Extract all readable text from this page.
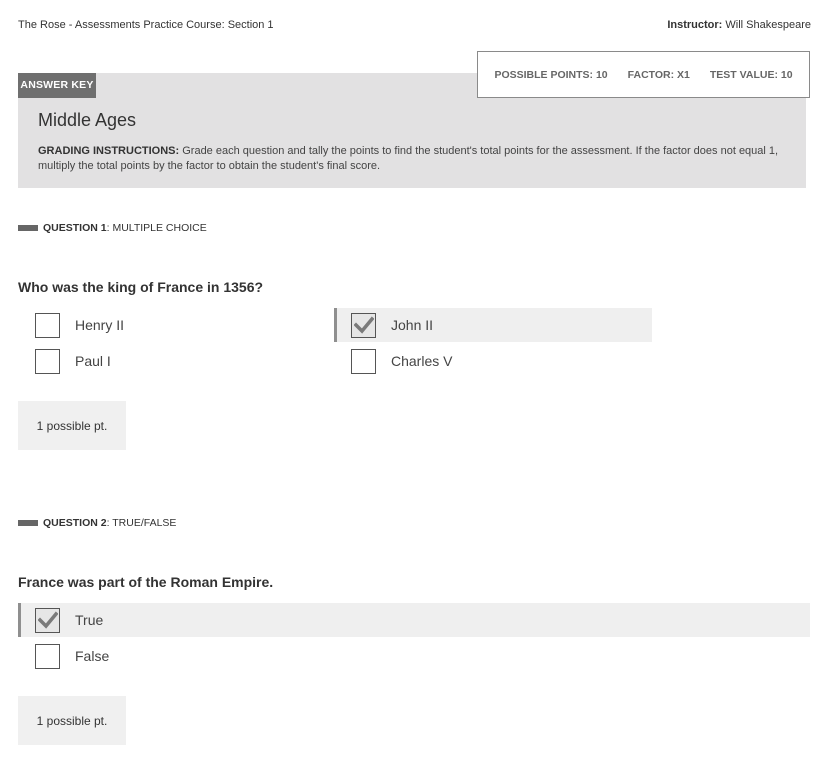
The Rose - Assessments Practice Course: Section 1	Instructor: Will Shakespeare
ANSWER KEY
POSSIBLE POINTS: 10 FACTOR: X1 TEST VALUE: 10
Middle Ages
GRADING INSTRUCTIONS: Grade each question and tally the points to find the student's total points for the assessment. If the factor does not equal 1, multiply the total points by the factor to obtain the student's final score.
QUESTION 1 : MULTIPLE CHOICE
Who was the king of France in 1356?
Henry II	John II
Paul I	Charles V
1 possible pt.
QUESTION 2 : TRUE/FALSE
France was part of the Roman Empire.
True
False
1 possible pt.
